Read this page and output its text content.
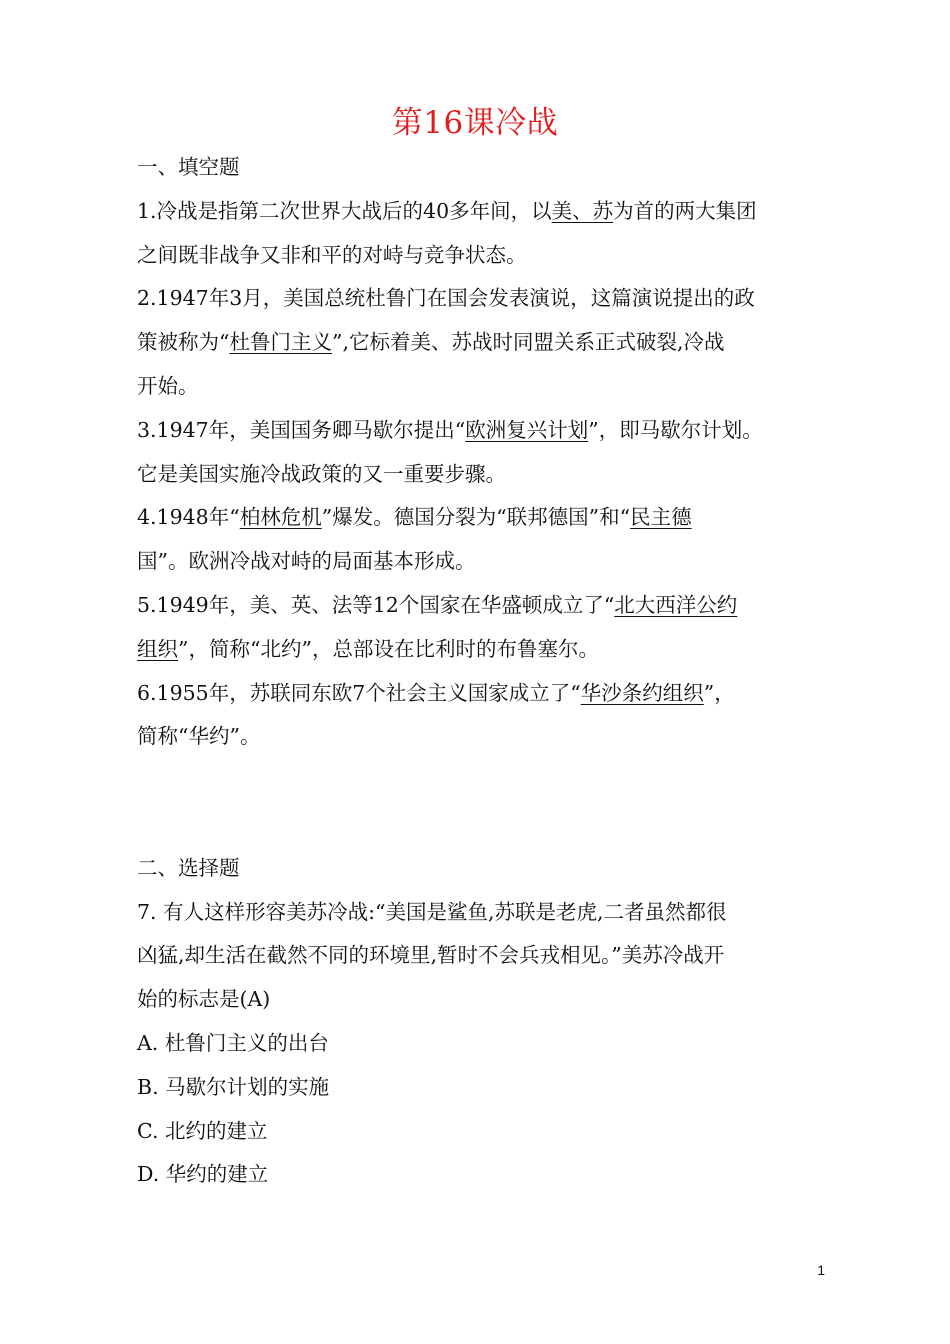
第16课冷战
一、填空题
1.冷战是指第二次世界大战后的40多年间，以美、苏为首的两大集团
之间既非战争又非和平的对峙与竞争状态。
2.1947年3月，美国总统杜鲁门在国会发表演说，这篇演说提出的政
策被称为“杜鲁门主义”,它标着美、苏战时同盟关系正式破裂,冷战
开始。
3.1947年，美国国务卿马歇尔提出“欧洲复兴计划”，即马歇尔计划。
它是美国实施冷战政策的又一重要步骤。
4.1948年“柏林危机”爆发。德国分裂为“联邦德国”和“民主德
国”。欧洲冷战对峙的局面基本形成。
5.1949年，美、英、法等12个国家在华盛顿成立了“北大西洋公约
组织”，简称“北约”，总部设在比利时的布鲁塞尔。
6.1955年，苏联同东欧7个社会主义国家成立了“华沙条约组织”，
简称“华约”。
二、选择题
7. 有人这样形容美苏冷战:“美国是鲨鱼,苏联是老虎,二者虽然都很
凶猛,却生活在截然不同的环境里,暂时不会兵戎相见。”美苏冷战开
始的标志是(A)
A. 杜鲁门主义的出台
B. 马歇尔计划的实施
C. 北约的建立
D. 华约的建立
1
